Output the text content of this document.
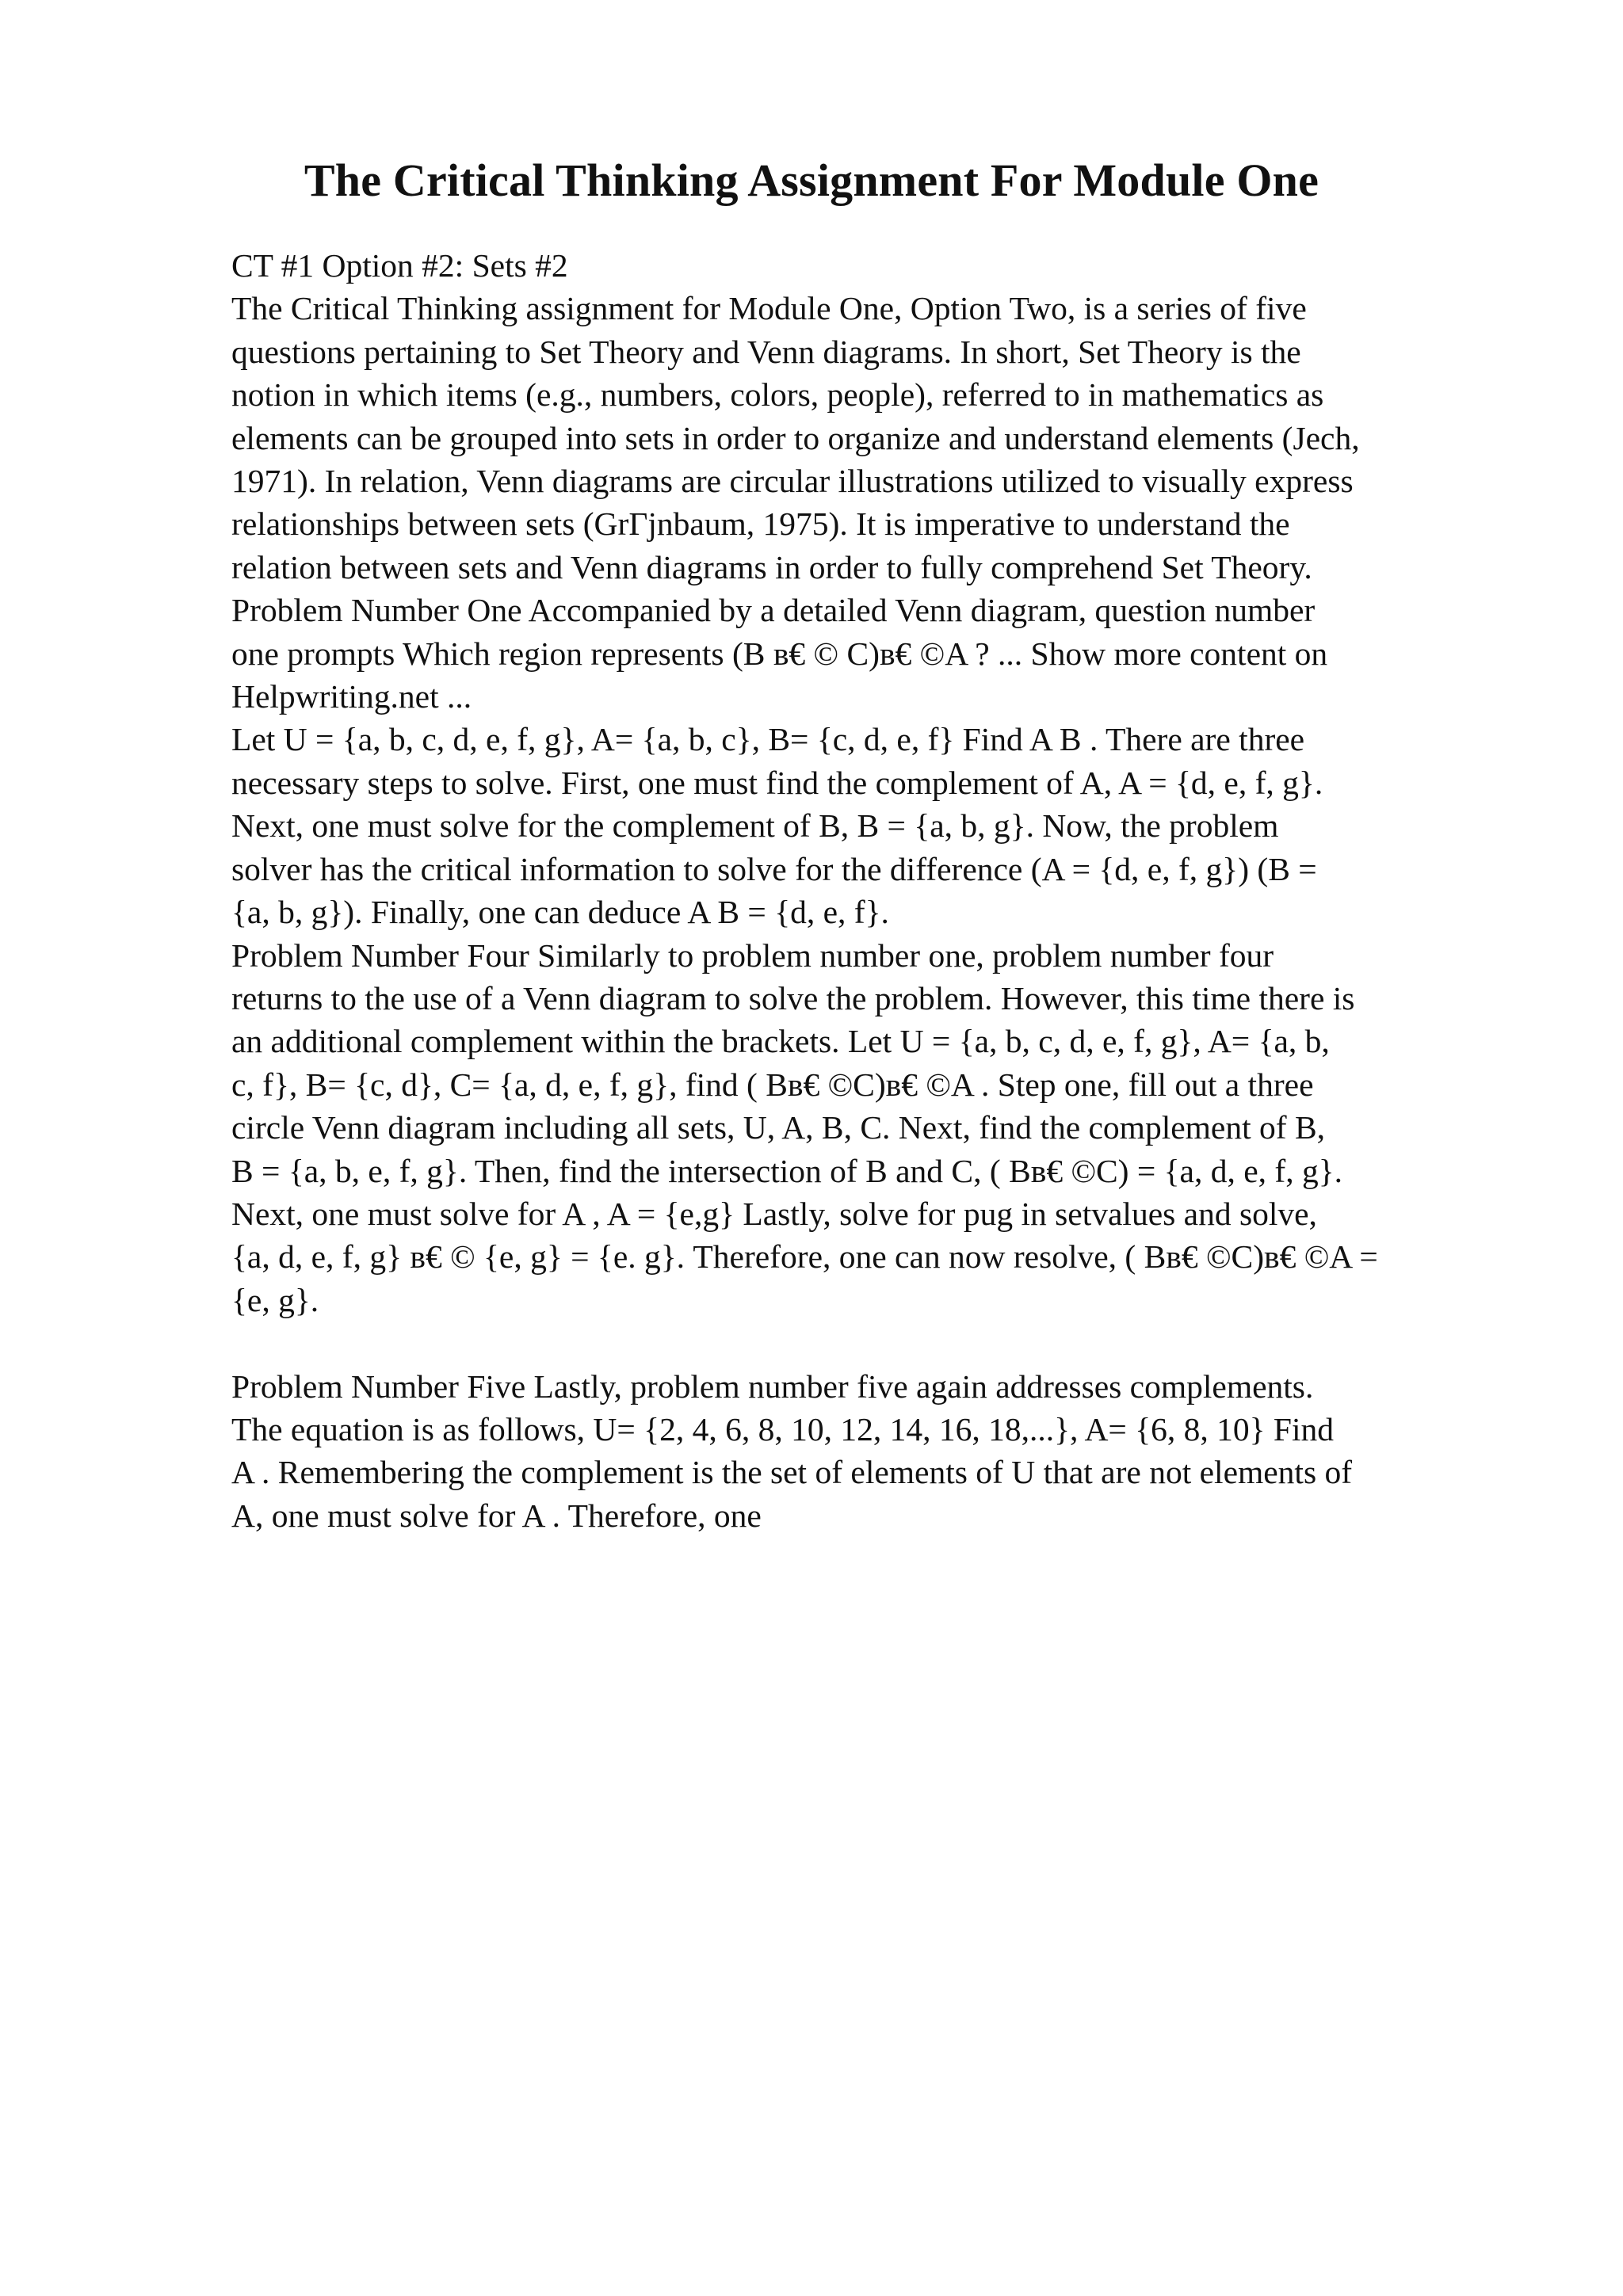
The Critical Thinking Assignment For Module One

CT #1 Option #2: Sets #2

The Critical Thinking assignment for Module One, Option Two, is a series of five

questions pertaining to Set Theory and Venn diagrams. In short, Set Theory is the

notion in which items (e.g., numbers, colors, people), referred to in mathematics as

elements can be grouped into sets in order to organize and understand elements (Jech,

1971). In relation, Venn diagrams are circular illustrations utilized to visually express

relationships between sets (GrΓjnbaum, 1975). It is imperative to understand the

relation between sets and Venn diagrams in order to fully comprehend Set Theory.

Problem Number One Accompanied by a detailed Venn diagram, question number

one prompts Which region represents (B в€ © C)в€ ©A ? ... Show more content on

Helpwriting.net ...

Let U = {a, b, c, d, e, f, g}, A= {a, b, c}, B= {c, d, e, f} Find A B . There are three

necessary steps to solve. First, one must find the complement of A, A = {d, e, f, g}.

Next, one must solve for the complement of B, B = {a, b, g}. Now, the problem

solver has the critical information to solve for the difference (A = {d, e, f, g}) (B =

{a, b, g}). Finally, one can deduce A B = {d, e, f}.

Problem Number Four Similarly to problem number one, problem number four

returns to the use of a Venn diagram to solve the problem. However, this time there is

an additional complement within the brackets. Let U = {a, b, c, d, e, f, g}, A= {a, b,

c, f}, B= {c, d}, C= {a, d, e, f, g}, find ( Bв€ ©C)в€ ©A . Step one, fill out a three

circle Venn diagram including all sets, U, A, B, C. Next, find the complement of B,

B = {a, b, e, f, g}. Then, find the intersection of B and C, ( Bв€ ©C) = {a, d, e, f, g}.

Next, one must solve for A , A = {e,g} Lastly, solve for pug in setvalues and solve,

{a, d, e, f, g} в€ © {e, g} = {e. g}. Therefore, one can now resolve, ( Bв€ ©C)в€ ©A =

{e, g}.

Problem Number Five Lastly, problem number five again addresses complements.

The equation is as follows, U= {2, 4, 6, 8, 10, 12, 14, 16, 18,...}, A= {6, 8, 10} Find

A . Remembering the complement is the set of elements of U that are not elements of

A, one must solve for A . Therefore, one
